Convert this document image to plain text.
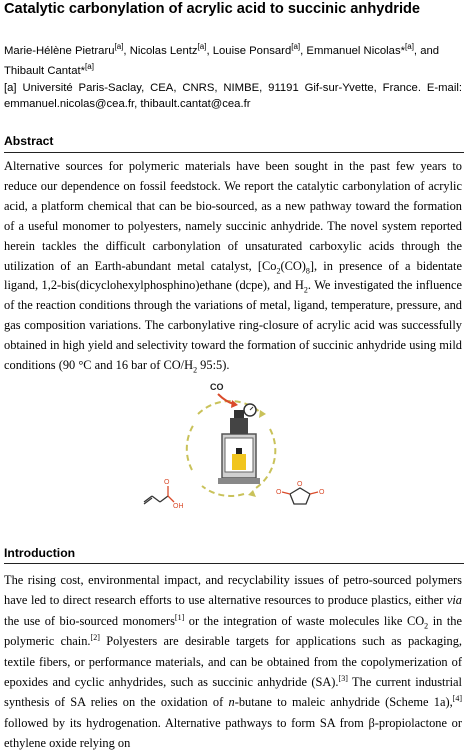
Catalytic carbonylation of acrylic acid to succinic anhydride
Marie-Hélène Pietraru[a], Nicolas Lentz[a], Louise Ponsard[a], Emmanuel Nicolas*[a], and Thibault Cantat*[a]
[a] Université Paris-Saclay, CEA, CNRS, NIMBE, 91191 Gif-sur-Yvette, France. E-mail: emmanuel.nicolas@cea.fr, thibault.cantat@cea.fr
Abstract

Alternative sources for polymeric materials have been sought in the past few years to reduce our dependence on fossil feedstock. We report the catalytic carbonylation of acrylic acid, a platform chemical that can be bio-sourced, as a new pathway toward the formation of a useful monomer to polyesters, namely succinic anhydride. The novel system reported herein tackles the difficult carbonylation of unsaturated carboxylic acids through the utilization of an Earth-abundant metal catalyst, $[Co_2(CO)_8]$, in presence of a bidentate ligand, 1,2-bis(dicyclohexylphosphino)ethane (dcpe), and $H_2$. We investigated the influence of the reaction conditions through the variations of metal, ligand, temperature, pressure, and gas composition variations. The carbonylative ring-closure of acrylic acid was successfully obtained in high yield and selectivity toward the formation of succinic anhydride using mild conditions (90 °C and 16 bar of $CO/H_2$ 95:5).

CO
O
OH
O
O	O
Introduction

The rising cost, environmental impact, and recyclability issues of petro-sourced polymers have led to direct research efforts to use alternative resources to produce plastics, either via the use of bio-sourced monomers[1] or the integration of waste molecules like $CO_2$ in the polymeric chain.[2] Polyesters are desirable targets for applications such as packaging, textile fibers, or performance materials, and can be obtained from the copolymerization of epoxides and cyclic anhydrides, such as succinic anhydride (SA).[3] The current industrial synthesis of SA relies on the oxidation of n-butane to maleic anhydride (Scheme 1a),[4] followed by its hydrogenation. Alternative pathways to form SA from β-propiolactone or ethylene oxide relying on
